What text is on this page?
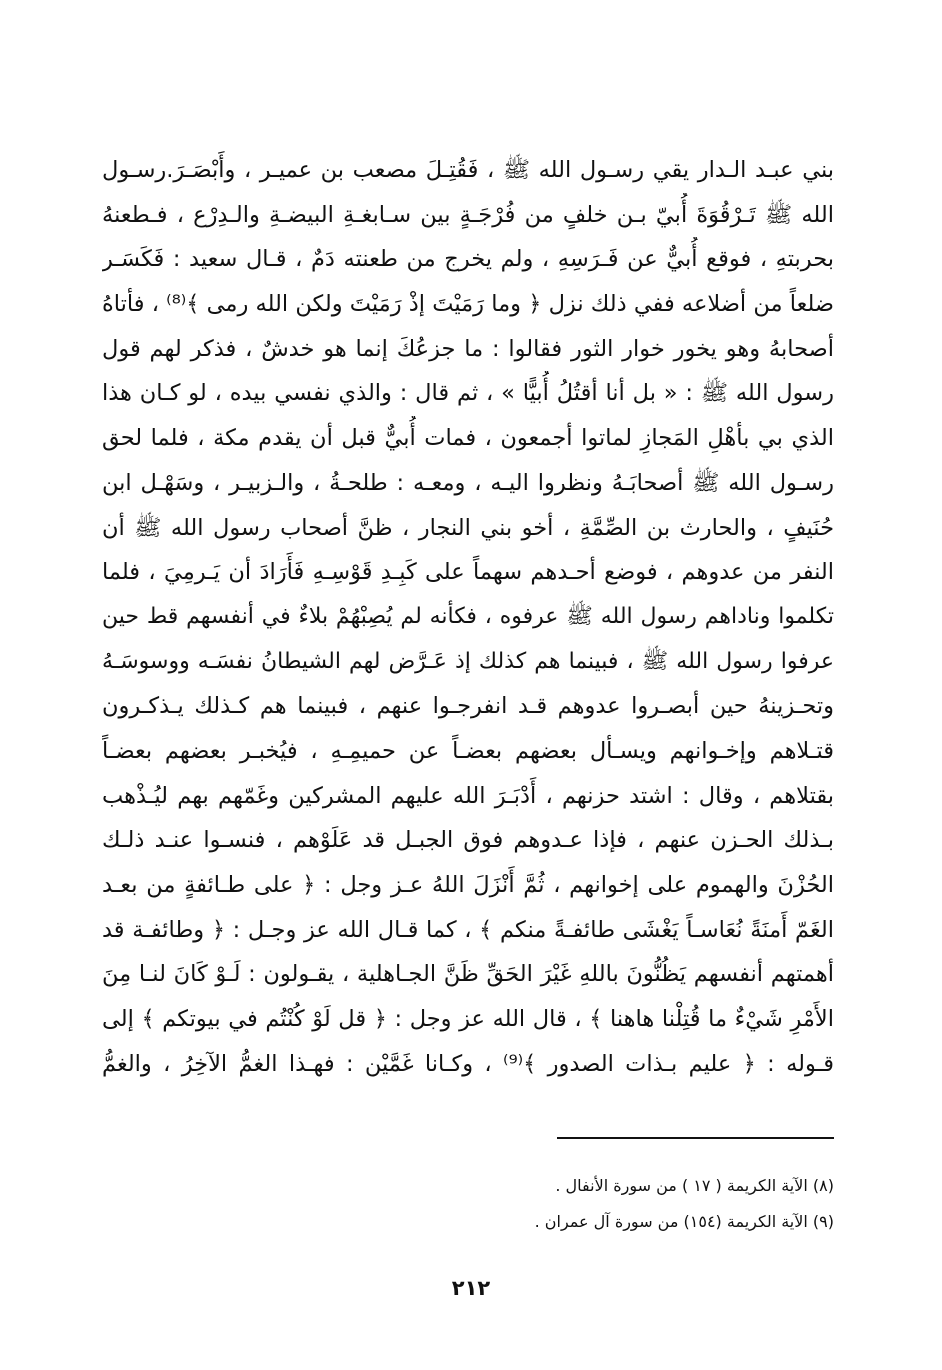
بني عبـد الـدار يقي رسـول الله ﷺ ، فَقُتِـلَ مصعب بن عميـر ، وأَبْصَـرَ.رسـول
الله ﷺ تَـرْقُوَةَ أُبيّ بـن خلفٍ من فُرْجَـةٍ بين سـابغـةِ البيضـةِ والـدِرْع ، فـطعنهُ
بحربتهِ ، فوقع أُبيٌّ عن فَـرَسِهِ ، ولم يخرج من طعنته دَمٌ ، قـال سعيد : فَكَسَـر
ضلعاً من أضلاعه ففي ذلك نزل ﴿ وما رَمَيْتَ إذْ رَمَيْتَ ولكن الله رمى ﴾⁽⁸⁾ ، فأتاهُ
أصحابهُ وهو يخور خوار الثور فقالوا : ما جزعُكَ إنما هو خدشٌ ، فذكر لهم قول
رسول الله ﷺ : « بل أنا أقتُلُ أُبيًّا » ، ثم قال : والذي نفسي بيده ، لو كـان هذا
الذي بي بأهْلِ المَجازِ لماتوا أجمعون ، فمات أُبيٌّ قبل أن يقدم مكة ، فلما لحق
رسـول الله ﷺ أصحابَـهُ ونظروا اليـه ، ومعـه : طلحـةُ ، والـزبيـر ، وسَهْـل ابن
حُنَيفٍ ، والحارث بن الصِّمَّةِ ، أخو بني النجار ، ظنَّ أصحاب رسول الله ﷺ أن
النفر من عدوهم ، فوضع أحـدهم سهماً على كَبِـدِ قَوْسِـهِ فَأَرَادَ أن يَـرمِيَ ، فلما
تكلموا وناداهم رسول الله ﷺ عرفوه ، فكأنه لم يُصِبْهُمْ بلاءٌ في أنفسهم قط حين
عرفوا رسول الله ﷺ ، فبينما هم كذلك إذ عَـرَّض لهم الشيطانُ نفسَـه ووسوسَـهُ
وتحـزينهُ حين أبصـروا عدوهم قـد انفرجـوا عنهم ، فبينما هم كـذلك يـذكـرون
قتـلاهم وإخـوانهم ويسـأل بعضهم بعضـاً عن حميمِـهِ ، فيُخبـر بعضهم بعضـاً
بقتلاهم ، وقال : اشتد حزنهم ، أَدْبَـرَ الله عليهم المشركين وغَمّهم بهم ليُـذْهب
بـذلك الحـزن عنهم ، فإذا عـدوهم فوق الجبـل قد عَلَوْهم ، فنسـوا عنـد ذلـك
الحُزْنَ والهموم على إخوانهم ، ثُمَّ أَنْزَلَ اللهُ عـز وجل : ﴿ على طـائفةٍ من بعـد
الغَمّ أَمنَةً نُعَاسـاً يَغْشَى طائفـةً منكم ﴾ ، كما قـال الله عز وجـل : ﴿ وطائفـة قد
أهمتهم أنفسهم يَظُنُّونَ باللهِ غَيْرَ الحَقِّ ظَنَّ الجـاهلية ، يقـولون : لَـوْ كَانَ لنـا مِنَ
الأَمْرِ شَيْءٌ ما قُتِلْنا هاهنا ﴾ ، قال الله عز وجل : ﴿ قل لَوْ كُنْتُم في بيوتكم ﴾ إلى
قـوله : ﴿ عليم بـذات الصدور ﴾⁽⁹⁾ ، وكـانا غَمَّيْن : فهـذا الغمُّ الآخِرُ ، والغمُّ
(٨) الآية الكريمة ( ١٧ ) من سورة الأنفال .
(٩) الآية الكريمة (١٥٤) من سورة آل عمران .
٢١٢
